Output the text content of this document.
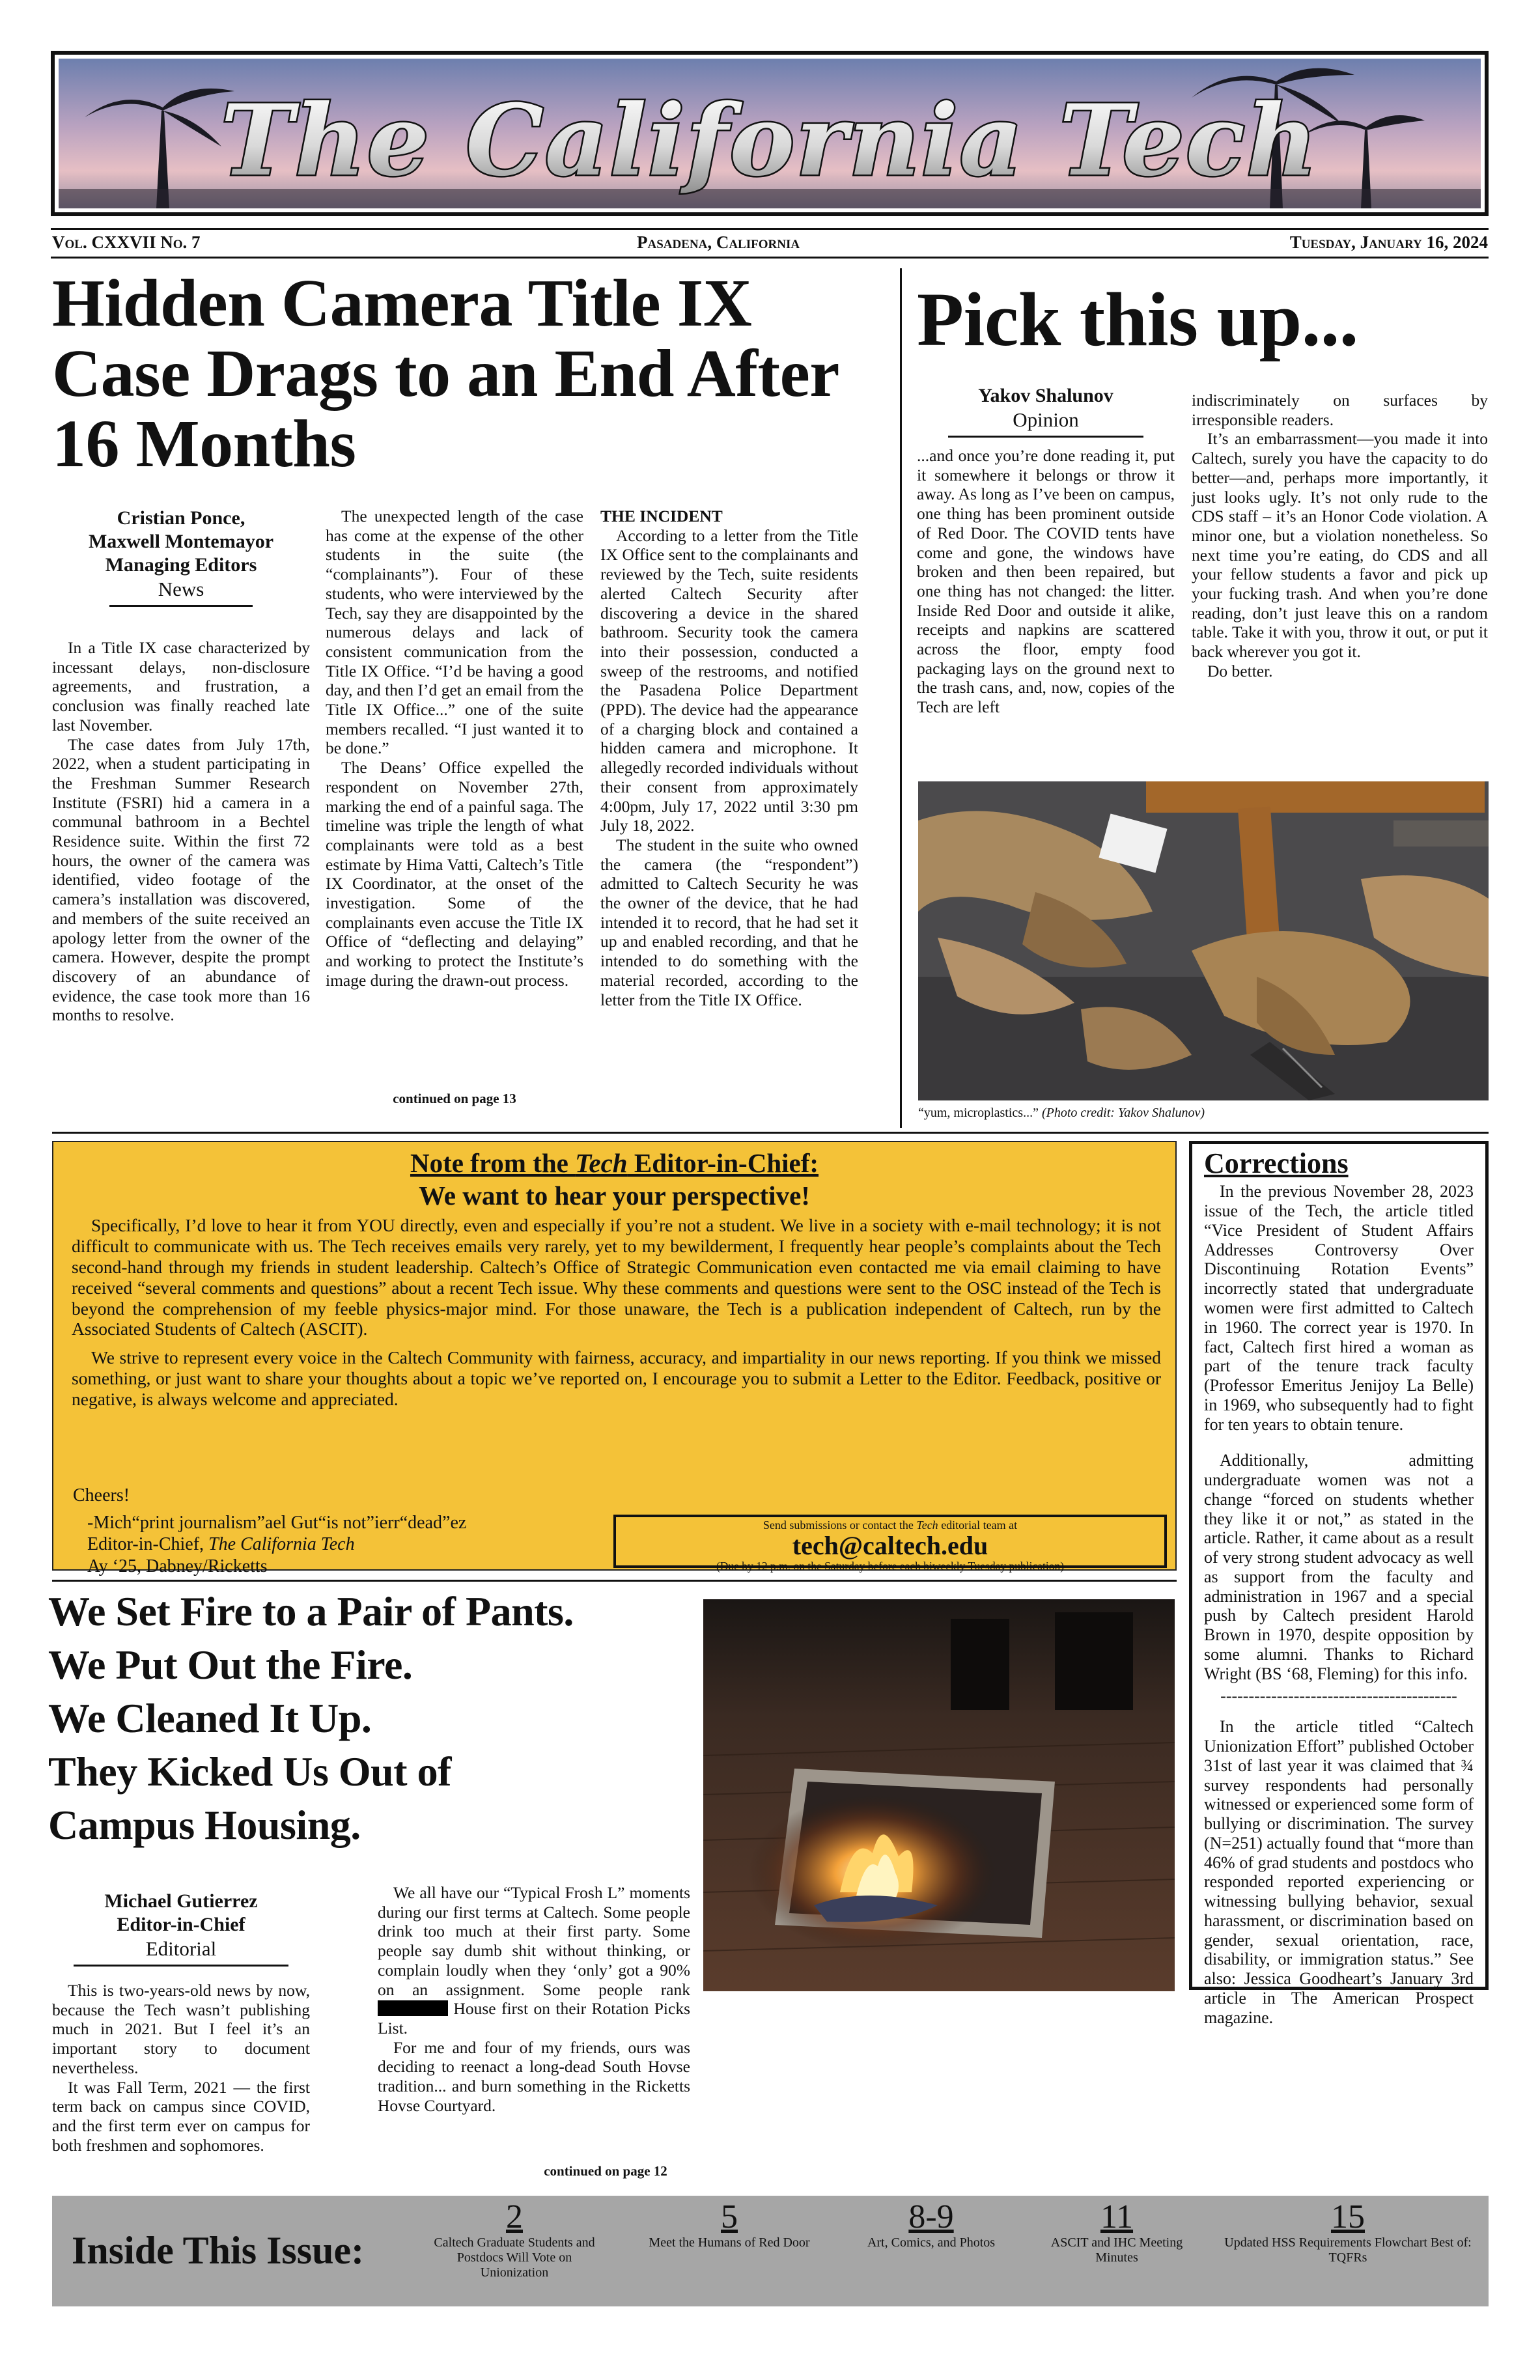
The California Tech
Vol. CXXVII No. 7	Pasadena, California	Tuesday, January 16, 2024
Hidden Camera Title IX Case Drags to an End After 16 Months
Cristian Ponce,
Maxwell Montemayor
Managing Editors
News

In a Title IX case characterized by incessant delays, non-disclosure agreements, and frustration, a conclusion was finally reached late last November.

The case dates from July 17th, 2022, when a student participating in the Freshman Summer Research Institute (FSRI) hid a camera in a communal bathroom in a Bechtel Residence suite. Within the first 72 hours, the owner of the camera was identified, video footage of the camera’s installation was discovered, and members of the suite received an apology letter from the owner of the camera. However, despite the prompt discovery of an abundance of evidence, the case took more than 16 months to resolve.

The unexpected length of the case has come at the expense of the other students in the suite (the “complainants”). Four of these students, who were interviewed by the Tech, say they are disappointed by the numerous delays and lack of consistent communication from the Title IX Office. “I’d be having a good day, and then I’d get an email from the Title IX Office...” one of the suite members recalled. “I just wanted it to be done.”

The Deans’ Office expelled the respondent on November 27th, marking the end of a painful saga. The timeline was triple the length of what complainants were told as a best estimate by Hima Vatti, Caltech’s Title IX Coordinator, at the onset of the investigation. Some of the complainants even accuse the Title IX Office of “deflecting and delaying” and working to protect the Institute’s image during the drawn-out process.

continued on page 13

THE INCIDENT

According to a letter from the Title IX Office sent to the complainants and reviewed by the Tech, suite residents alerted Caltech Security after discovering a device in the shared bathroom. Security took the camera into their possession, conducted a sweep of the restrooms, and notified the Pasadena Police Department (PPD). The device had the appearance of a charging block and contained a hidden camera and microphone. It allegedly recorded individuals without their consent from approximately 4:00pm, July 17, 2022 until 3:30 pm July 18, 2022.

The student in the suite who owned the camera (the “respondent”) admitted to Caltech Security he was the owner of the device, that he had intended it to record, that he had set it up and enabled recording, and that he intended to do something with the material recorded, according to the letter from the Title IX Office.

Pick this up...
Yakov Shalunov
Opinion

...and once you’re done reading it, put it somewhere it belongs or throw it away. As long as I’ve been on campus, one thing has been prominent outside of Red Door. The COVID tents have come and gone, the windows have broken and then been repaired, but one thing has not changed: the litter. Inside Red Door and outside it alike, receipts and napkins are scattered across the floor, empty food packaging lays on the ground next to the trash cans, and, now, copies of the Tech are left

indiscriminately on surfaces by irresponsible readers.

It’s an embarrassment—you made it into Caltech, surely you have the capacity to do better—and, perhaps more importantly, it just looks ugly. It’s not only rude to the CDS staff – it’s an Honor Code violation. A minor one, but a violation nonetheless. So next time you’re eating, do CDS and all your fellow students a favor and pick up your fucking trash. And when you’re done reading, don’t just leave this on a random table. Take it with you, throw it out, or put it back wherever you got it.

Do better.

“yum, microplastics...” (Photo credit: Yakov Shalunov)
Note from the Tech Editor-in-Chief:
We want to hear your perspective!

Specifically, I’d love to hear it from YOU directly, even and especially if you’re not a student. We live in a society with e-mail technology; it is not difficult to communicate with us. The Tech receives emails very rarely, yet to my bewilderment, I frequently hear people’s complaints about the Tech second-hand through my friends in student leadership. Caltech’s Office of Strategic Communication even contacted me via email claiming to have received “several comments and questions” about a recent Tech issue. Why these comments and questions were sent to the OSC instead of the Tech is beyond the comprehension of my feeble physics-major mind. For those unaware, the Tech is a publication independent of Caltech, run by the Associated Students of Caltech (ASCIT).

We strive to represent every voice in the Caltech Community with fairness, accuracy, and impartiality in our news reporting. If you think we missed something, or just want to share your thoughts about a topic we’ve reported on, I encourage you to submit a Letter to the Editor. Feedback, positive or negative, is always welcome and appreciated.

Cheers!
-Mich“print journalism”ael Gut“is not”ierr“dead”ez
Editor-in-Chief, The California Tech
Ay ‘25, Dabney/Ricketts
Send submissions or contact the Tech editorial team at
tech@caltech.edu
(Due by 12 p.m. on the Saturday before each biweekly Tuesday publication)
Corrections

In the previous November 28, 2023 issue of the Tech, the article titled “Vice President of Student Affairs Addresses Controversy Over Discontinuing Rotation Events” incorrectly stated that undergraduate women were first admitted to Caltech in 1960. The correct year is 1970. In fact, Caltech first hired a woman as part of the tenure track faculty (Professor Emeritus Jenijoy La Belle) in 1969, who subsequently had to fight for ten years to obtain tenure.

Additionally, admitting undergraduate women was not a change “forced on students whether they like it or not,” as stated in the article. Rather, it came about as a result of very strong student advocacy as well as support from the faculty and administration in 1967 and a special push by Caltech president Harold Brown in 1970, despite opposition by some alumni. Thanks to Richard Wright (BS ‘68, Fleming) for this info.

------------------------------------------

In the article titled “Caltech Unionization Effort” published October 31st of last year it was claimed that ¾ survey respondents had personally witnessed or experienced some form of bullying or discrimination. The survey (N=251) actually found that “more than 46% of grad students and postdocs who responded reported experiencing or witnessing bullying behavior, sexual harassment, or discrimination based on gender, sexual orientation, race, disability, or immigration status.” See also: Jessica Goodheart’s January 3rd article in The American Prospect magazine.

We Set Fire to a Pair of Pants.
We Put Out the Fire.
We Cleaned It Up.
They Kicked Us Out of
Campus Housing.
Michael Gutierrez
Editor-in-Chief
Editorial

This is two-years-old news by now, because the Tech wasn’t publishing much in 2021. But I feel it’s an important story to document nevertheless.

It was Fall Term, 2021 — the first term back on campus since COVID, and the first term ever on campus for both freshmen and sophomores.

We all have our “Typical Frosh L” moments during our first terms at Caltech. Some people drink too much at their first party. Some people say dumb shit without thinking, or complain loudly when they ‘only’ got a 90% on an assignment. Some people rank  House first on their Rotation Picks List.

For me and four of my friends, ours was deciding to reenact a long-dead South Hovse tradition... and burn something in the Ricketts Hovse Courtyard.

continued on page 12
Inside This Issue:
2
Caltech Graduate Students and Postdocs Will Vote on Unionization
5
Meet the Humans of Red Door
8-9
Art, Comics, and Photos
11
ASCIT and IHC Meeting Minutes
15
Updated HSS Requirements Flowchart Best of: TQFRs
